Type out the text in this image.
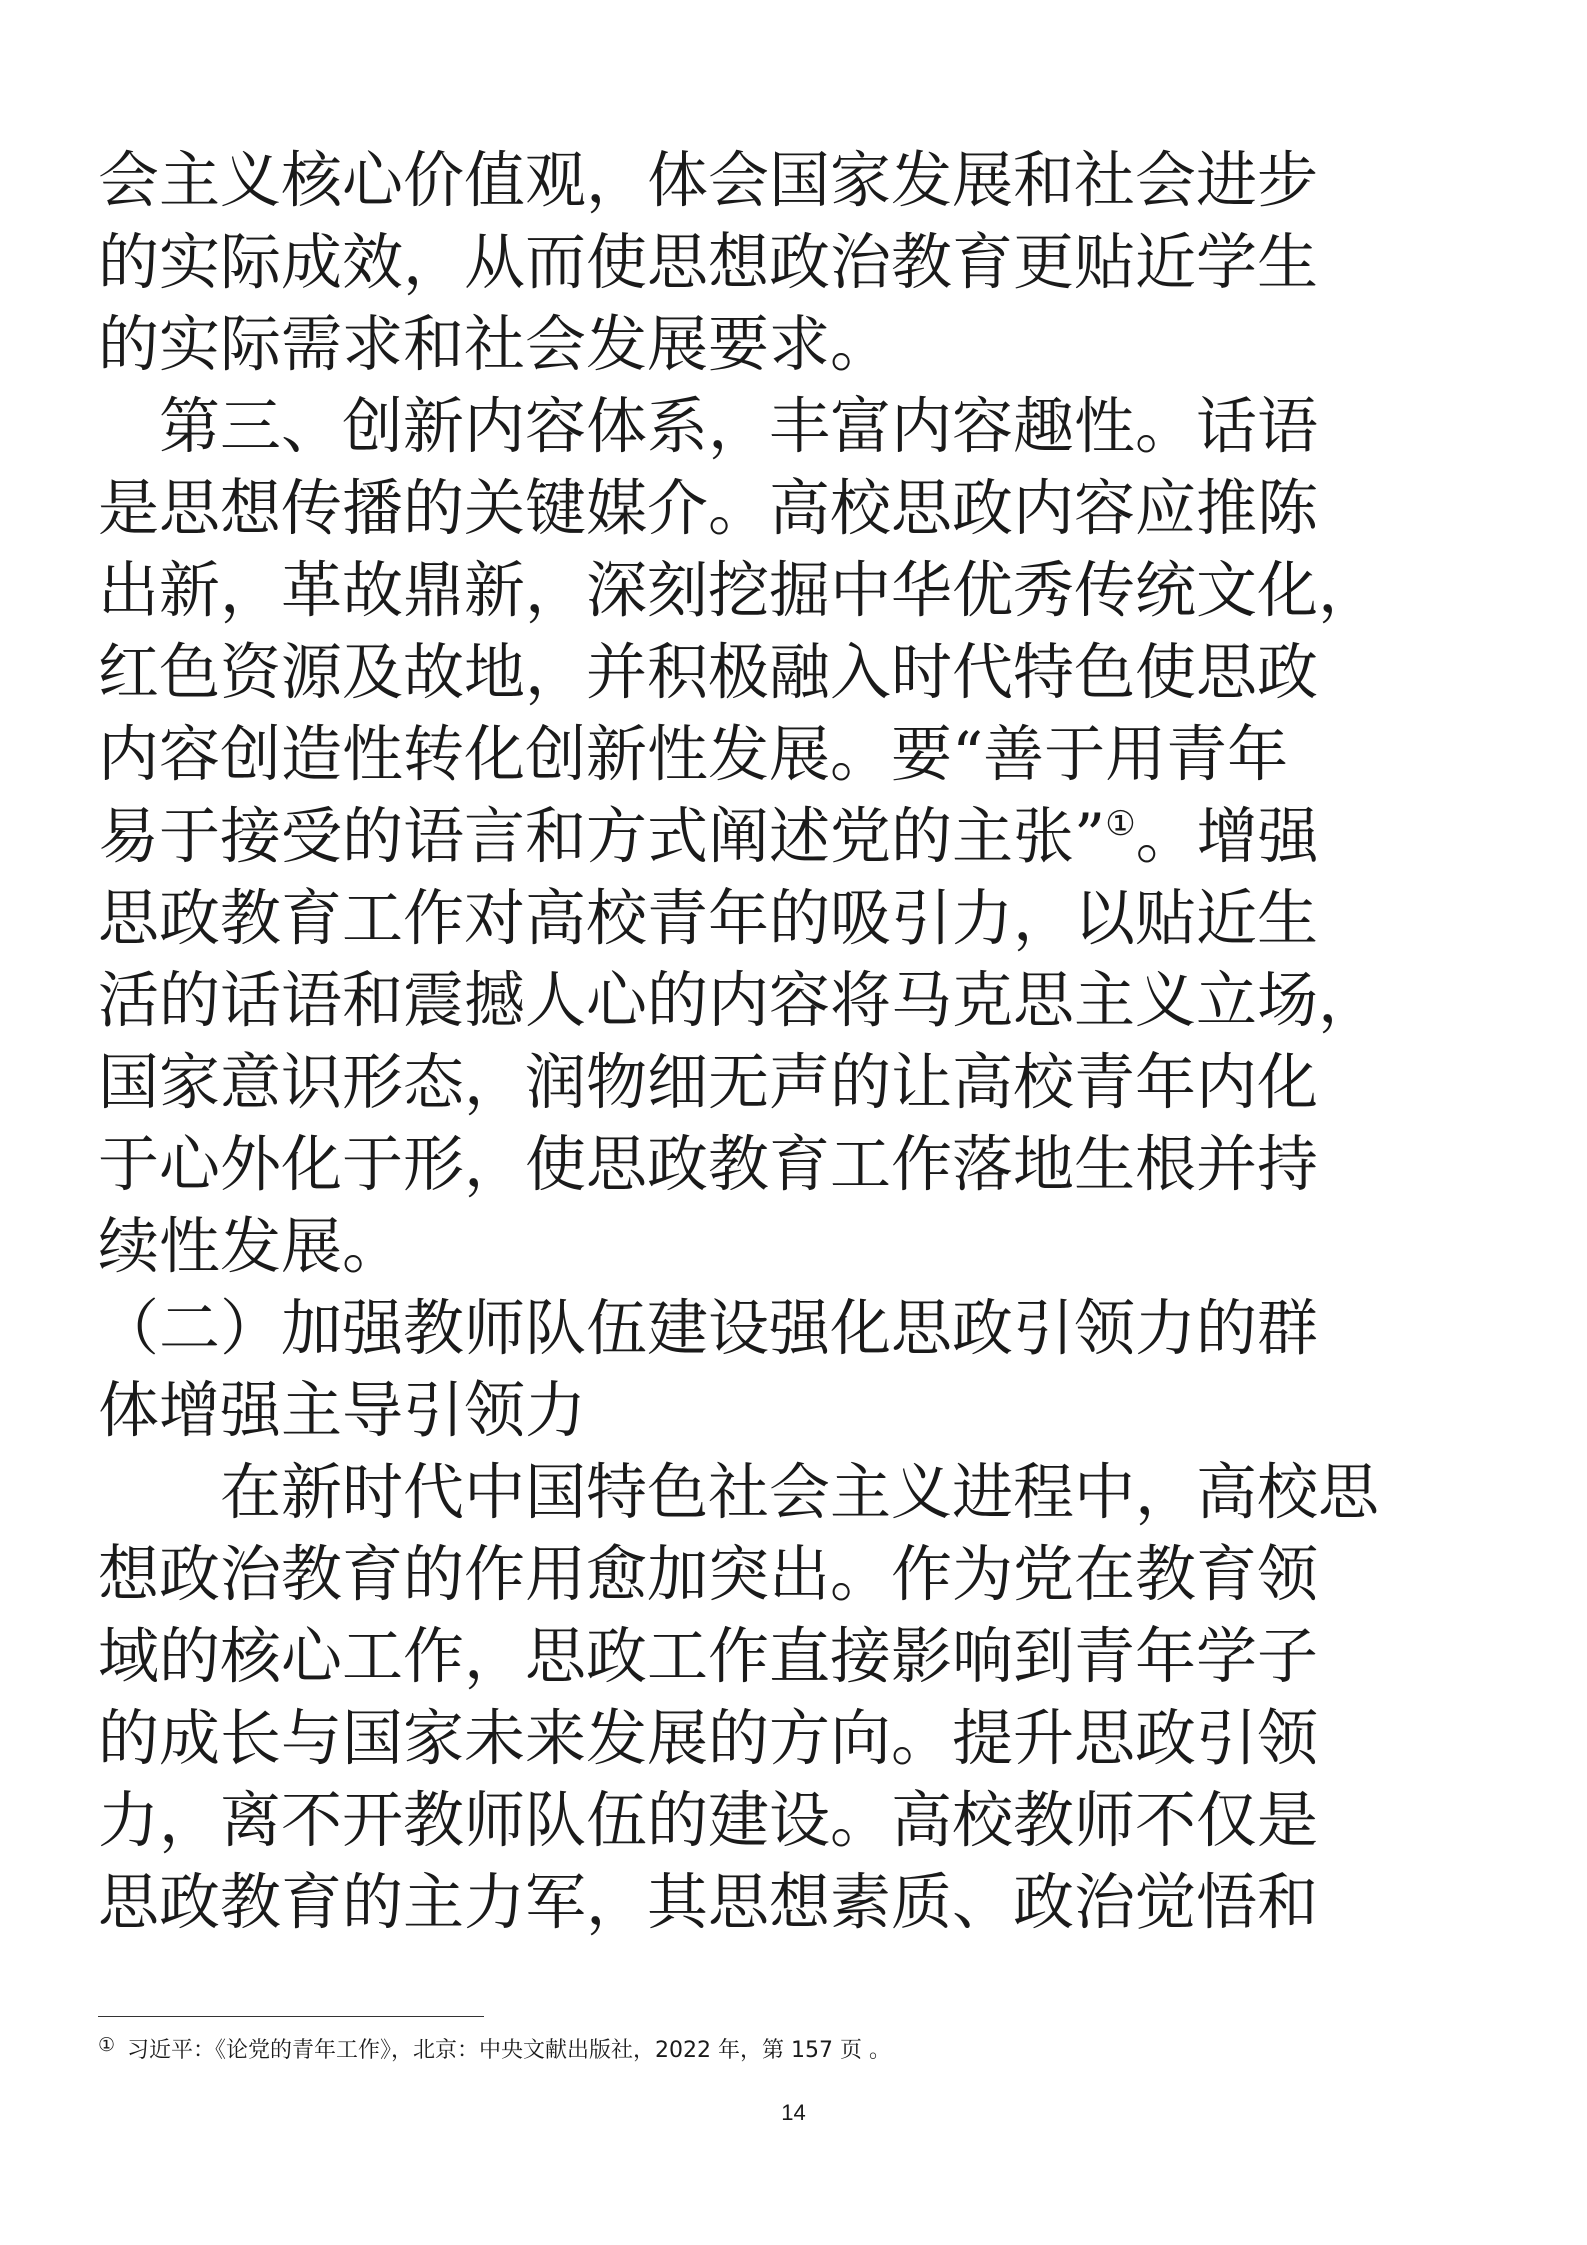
会主义核心价值观，体会国家发展和社会进步
的实际成效，从而使思想政治教育更贴近学生
的实际需求和社会发展要求。
　第三、创新内容体系，丰富内容趣性。话语
是思想传播的关键媒介。高校思政内容应推陈
出新，革故鼎新，深刻挖掘中华优秀传统文化，
红色资源及故地，并积极融入时代特色使思政
内容创造性转化创新性发展。要“善于用青年
易于接受的语言和方式阐述党的主张”①。增强
思政教育工作对高校青年的吸引力，以贴近生
活的话语和震撼人心的内容将马克思主义立场，
国家意识形态，润物细无声的让高校青年内化
于心外化于形，使思政教育工作落地生根并持
续性发展。
（二）加强教师队伍建设强化思政引领力的群
体增强主导引领力
　　在新时代中国特色社会主义进程中，高校思
想政治教育的作用愈加突出。作为党在教育领
域的核心工作，思政工作直接影响到青年学子
的成长与国家未来发展的方向。提升思政引领
力，离不开教师队伍的建设。高校教师不仅是
思政教育的主力军，其思想素质、政治觉悟和
① 习近平：《论党的青年工作》，北京：中央文献出版社，2022 年，第 157 页 。
14
